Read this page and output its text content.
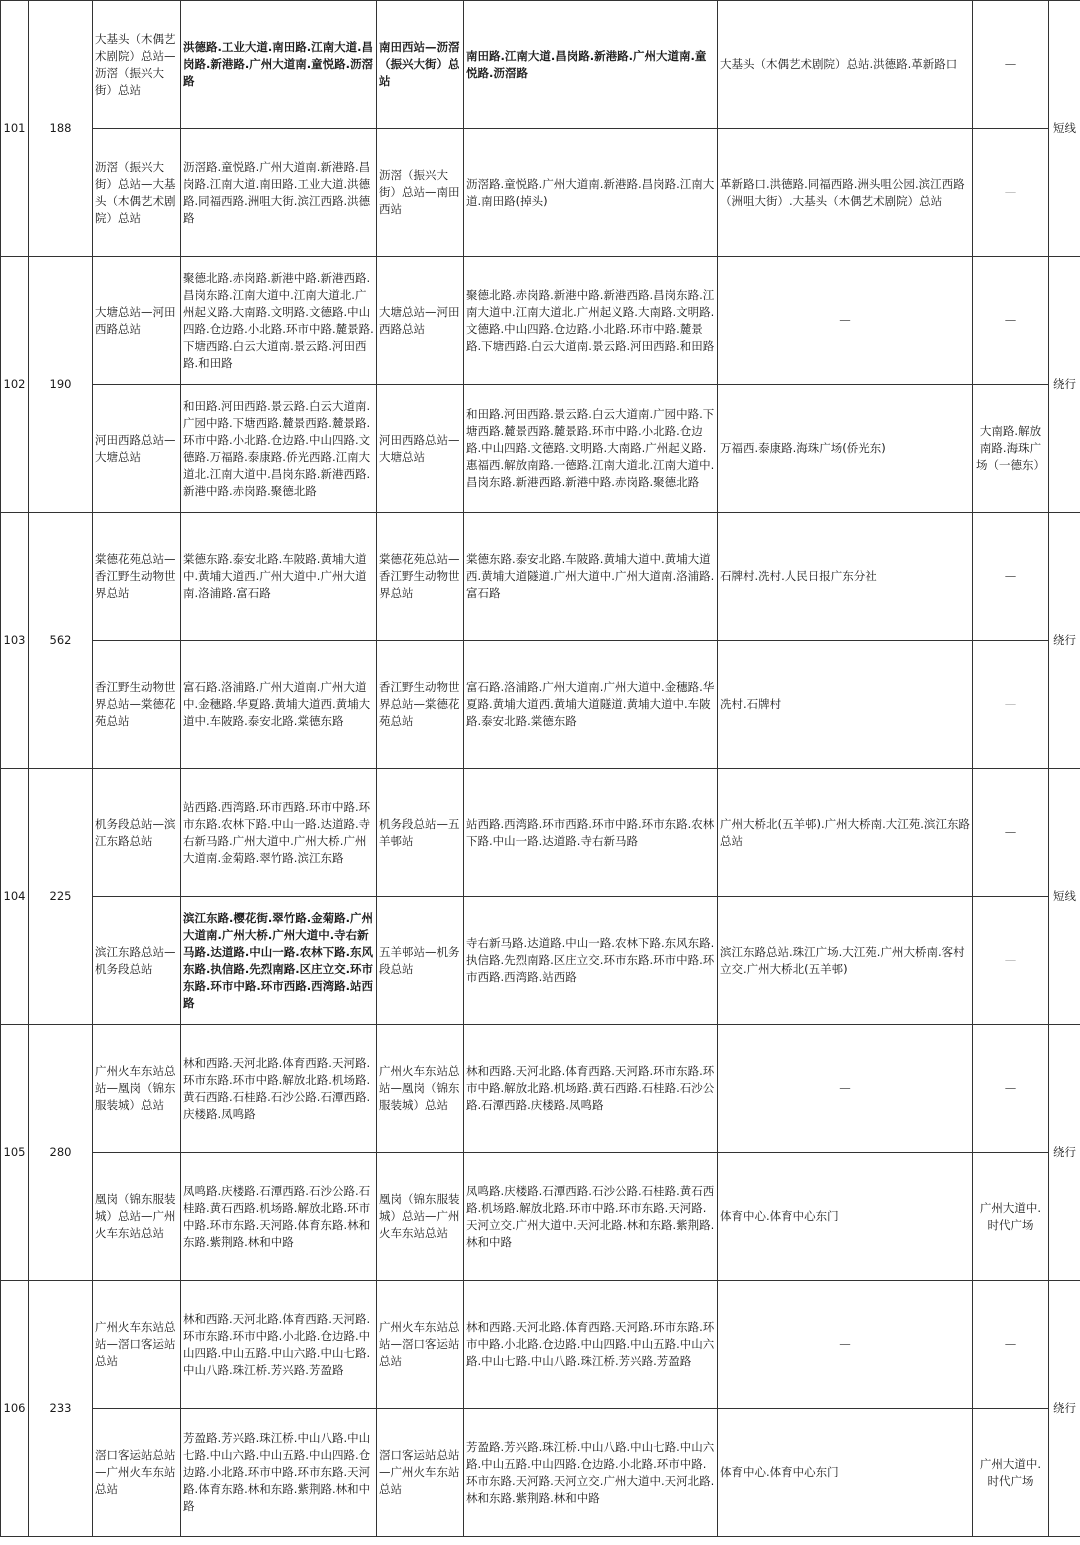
101	188	大基头（木偶艺术剧院）总站—沥滘（振兴大街）总站	洪德路.工业大道.南田路.江南大道.昌岗路.新港路.广州大道南.童悦路.沥滘路	南田西站—沥滘（振兴大街）总站	南田路.江南大道.昌岗路.新港路.广州大道南.童悦路.沥滘路	大基头（木偶艺术剧院）总站.洪德路.革新路口	—	短线
		沥滘（振兴大街）总站—大基头（木偶艺术剧院）总站	沥滘路.童悦路.广州大道南.新港路.昌岗路.江南大道.南田路.工业大道.洪德路.同福西路.洲咀大街.滨江西路.洪德路	沥滘（振兴大街）总站—南田西站	沥滘路.童悦路.广州大道南.新港路.昌岗路.江南大道.南田路(掉头)	革新路口.洪德路.同福西路.洲头咀公园.滨江西路（洲咀大街）.大基头（木偶艺术剧院）总站	—	
102	190	大塘总站—河田西路总站	聚德北路.赤岗路.新港中路.新港西路.昌岗东路.江南大道中.江南大道北.广州起义路.大南路.文明路.文德路.中山四路.仓边路.小北路.环市中路.麓景路.下塘西路.白云大道南.景云路.河田西路.和田路	大塘总站—河田西路总站	聚德北路.赤岗路.新港中路.新港西路.昌岗东路.江南大道中.江南大道北.广州起义路.大南路.文明路.文德路.中山四路.仓边路.小北路.环市中路.麓景路.下塘西路.白云大道南.景云路.河田西路.和田路	—	—	绕行
		河田西路总站—大塘总站	和田路.河田西路.景云路.白云大道南.广园中路.下塘西路.麓景西路.麓景路.环市中路.小北路.仓边路.中山四路.文德路.万福路.泰康路.侨光西路.江南大道北.江南大道中.昌岗东路.新港西路.新港中路.赤岗路.聚德北路	河田西路总站—大塘总站	和田路.河田西路.景云路.白云大道南.广园中路.下塘西路.麓景西路.麓景路.环市中路.小北路.仓边路.中山四路.文德路.文明路.大南路.广州起义路.惠福西.解放南路.一德路.江南大道北.江南大道中.昌岗东路.新港西路.新港中路.赤岗路.聚德北路	万福西.泰康路.海珠广场(侨光东)	大南路.解放南路.海珠广场（一德东）	
103	562	棠德花苑总站—香江野生动物世界总站	棠德东路.泰安北路.车陂路.黄埔大道中.黄埔大道西.广州大道中.广州大道南.洛浦路.富石路	棠德花苑总站—香江野生动物世界总站	棠德东路.泰安北路.车陂路.黄埔大道中.黄埔大道西.黄埔大道隧道.广州大道中.广州大道南.洛浦路.富石路	石牌村.冼村.人民日报广东分社	—	绕行
		香江野生动物世界总站—棠德花苑总站	富石路.洛浦路.广州大道南.广州大道中.金穗路.华夏路.黄埔大道西.黄埔大道中.车陂路.泰安北路.棠德东路	香江野生动物世界总站—棠德花苑总站	富石路.洛浦路.广州大道南.广州大道中.金穗路.华夏路.黄埔大道西.黄埔大道隧道.黄埔大道中.车陂路.泰安北路.棠德东路	冼村.石牌村	—	
104	225	机务段总站—滨江东路总站	站西路.西湾路.环市西路.环市中路.环市东路.农林下路.中山一路.达道路.寺右新马路.广州大道中.广州大桥.广州大道南.金菊路.翠竹路.滨江东路	机务段总站—五羊邨站	站西路.西湾路.环市西路.环市中路.环市东路.农林下路.中山一路.达道路.寺右新马路	广州大桥北(五羊邨).广州大桥南.大江苑.滨江东路总站	—	短线
		滨江东路总站—机务段总站	滨江东路.樱花街.翠竹路.金菊路.广州大道南.广州大桥.广州大道中.寺右新马路.达道路.中山一路.农林下路.东风东路.执信路.先烈南路.区庄立交.环市东路.环市中路.环市西路.西湾路.站西路	五羊邨站—机务段总站	寺右新马路.达道路.中山一路.农林下路.东风东路.执信路.先烈南路.区庄立交.环市东路.环市中路.环市西路.西湾路.站西路	滨江东路总站.珠江广场.大江苑.广州大桥南.客村立交.广州大桥北(五羊邨)	—	
105	280	广州火车东站总站—凰岗（锦东服装城）总站	林和西路.天河北路.体育西路.天河路.环市东路.环市中路.解放北路.机场路.黄石西路.石桂路.石沙公路.石潭西路.庆楼路.凤鸣路	广州火车东站总站—凰岗（锦东服装城）总站	林和西路.天河北路.体育西路.天河路.环市东路.环市中路.解放北路.机场路.黄石西路.石桂路.石沙公路.石潭西路.庆楼路.凤鸣路	—	—	绕行
		凰岗（锦东服装城）总站—广州火车东站总站	凤鸣路.庆楼路.石潭西路.石沙公路.石桂路.黄石西路.机场路.解放北路.环市中路.环市东路.天河路.体育东路.林和东路.紫荆路.林和中路	凰岗（锦东服装城）总站—广州火车东站总站	凤鸣路.庆楼路.石潭西路.石沙公路.石桂路.黄石西路.机场路.解放北路.环市中路.环市东路.天河路.天河立交.广州大道中.天河北路.林和东路.紫荆路.林和中路	体育中心.体育中心东门	广州大道中.时代广场	
106	233	广州火车东站总站—滘口客运站总站	林和西路.天河北路.体育西路.天河路.环市东路.环市中路.小北路.仓边路.中山四路.中山五路.中山六路.中山七路.中山八路.珠江桥.芳兴路.芳盈路	广州火车东站总站—滘口客运站总站	林和西路.天河北路.体育西路.天河路.环市东路.环市中路.小北路.仓边路.中山四路.中山五路.中山六路.中山七路.中山八路.珠江桥.芳兴路.芳盈路	—	—	绕行
		滘口客运站总站—广州火车东站总站	芳盈路.芳兴路.珠江桥.中山八路.中山七路.中山六路.中山五路.中山四路.仓边路.小北路.环市中路.环市东路.天河路.体育东路.林和东路.紫荆路.林和中路	滘口客运站总站—广州火车东站总站	芳盈路.芳兴路.珠江桥.中山八路.中山七路.中山六路.中山五路.中山四路.仓边路.小北路.环市中路.环市东路.天河路.天河立交.广州大道中.天河北路.林和东路.紫荆路.林和中路	体育中心.体育中心东门	广州大道中.时代广场	
